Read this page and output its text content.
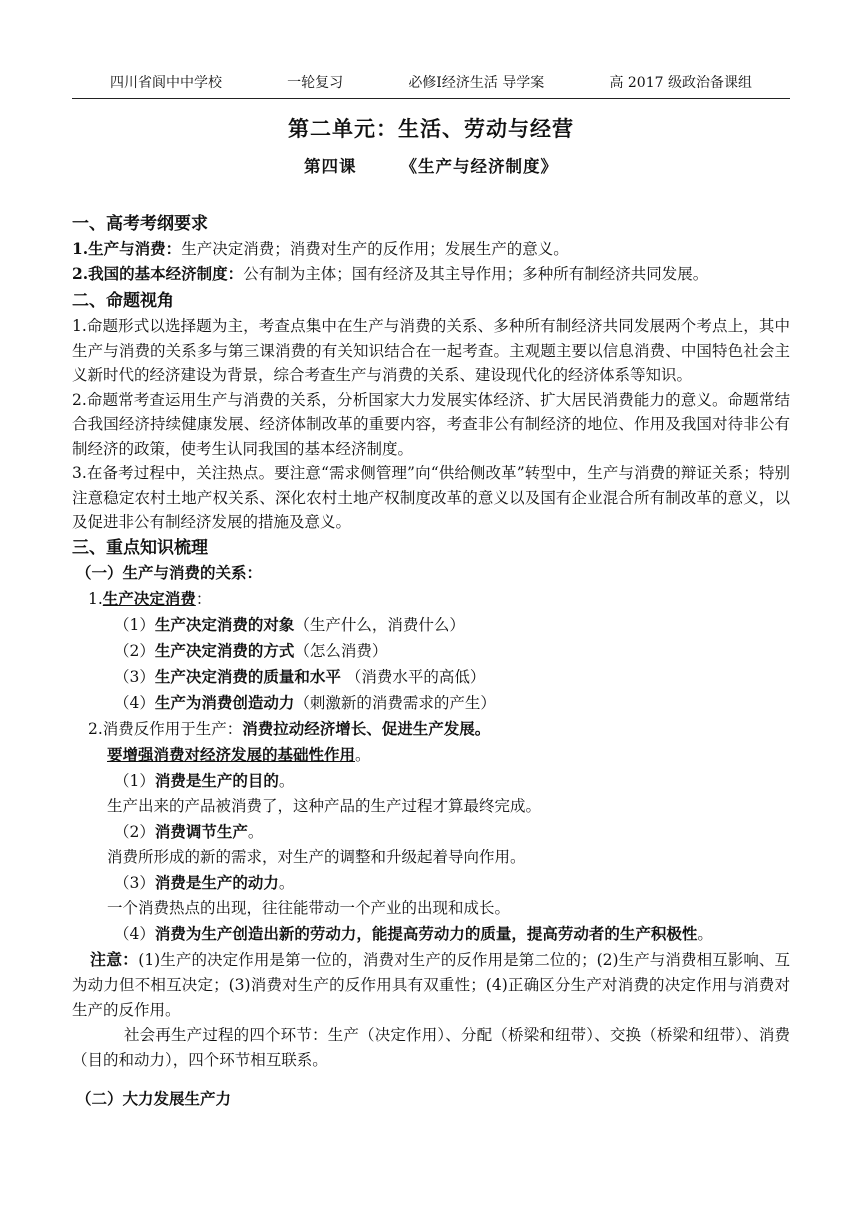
四川省阆中中学校	一轮复习	必修Ⅰ经济生活 导学案	高 2017 级政治备课组
第二单元：生活、劳动与经营
第四课	《生产与经济制度》
一、高考考纲要求
1.生产与消费：生产决定消费；消费对生产的反作用；发展生产的意义。
2.我国的基本经济制度：公有制为主体；国有经济及其主导作用；多种所有制经济共同发展。
二、命题视角

1.命题形式以选择题为主，考查点集中在生产与消费的关系、多种所有制经济共同发展两个考点上，其中生产与消费的关系多与第三课消费的有关知识结合在一起考查。主观题主要以信息消费、中国特色社会主义新时代的经济建设为背景，综合考查生产与消费的关系、建设现代化的经济体系等知识。

2.命题常考查运用生产与消费的关系，分析国家大力发展实体经济、扩大居民消费能力的意义。命题常结合我国经济持续健康发展、经济体制改革的重要内容，考查非公有制经济的地位、作用及我国对待非公有制经济的政策，使考生认同我国的基本经济制度。

3.在备考过程中，关注热点。要注意“需求侧管理”向“供给侧改革”转型中，生产与消费的辩证关系；特别注意稳定农村土地产权关系、深化农村土地产权制度改革的意义以及国有企业混合所有制改革的意义，以及促进非公有制经济发展的措施及意义。

三、重点知识梳理
（一）生产与消费的关系：
1.生产决定消费：
（1）生产决定消费的对象（生产什么，消费什么）
（2）生产决定消费的方式（怎么消费）
（3）生产决定消费的质量和水平 （消费水平的高低）
（4）生产为消费创造动力（刺激新的消费需求的产生）
2.消费反作用于生产：消费拉动经济增长、促进生产发展。
要增强消费对经济发展的基础性作用。
（1）消费是生产的目的。
生产出来的产品被消费了，这种产品的生产过程才算最终完成。
（2）消费调节生产。
消费所形成的新的需求，对生产的调整和升级起着导向作用。
（3）消费是生产的动力。
一个消费热点的出现，往往能带动一个产业的出现和成长。
（4）消费为生产创造出新的劳动力，能提高劳动力的质量，提高劳动者的生产积极性。
注意：(1)生产的决定作用是第一位的，消费对生产的反作用是第二位的；(2)生产与消费相互影响、互为动力但不相互决定；(3)消费对生产的反作用具有双重性；(4)正确区分生产对消费的决定作用与消费对生产的反作用。
社会再生产过程的四个环节：生产（决定作用）、分配（桥梁和纽带）、交换（桥梁和纽带）、消费（目的和动力），四个环节相互联系。
（二）大力发展生产力
